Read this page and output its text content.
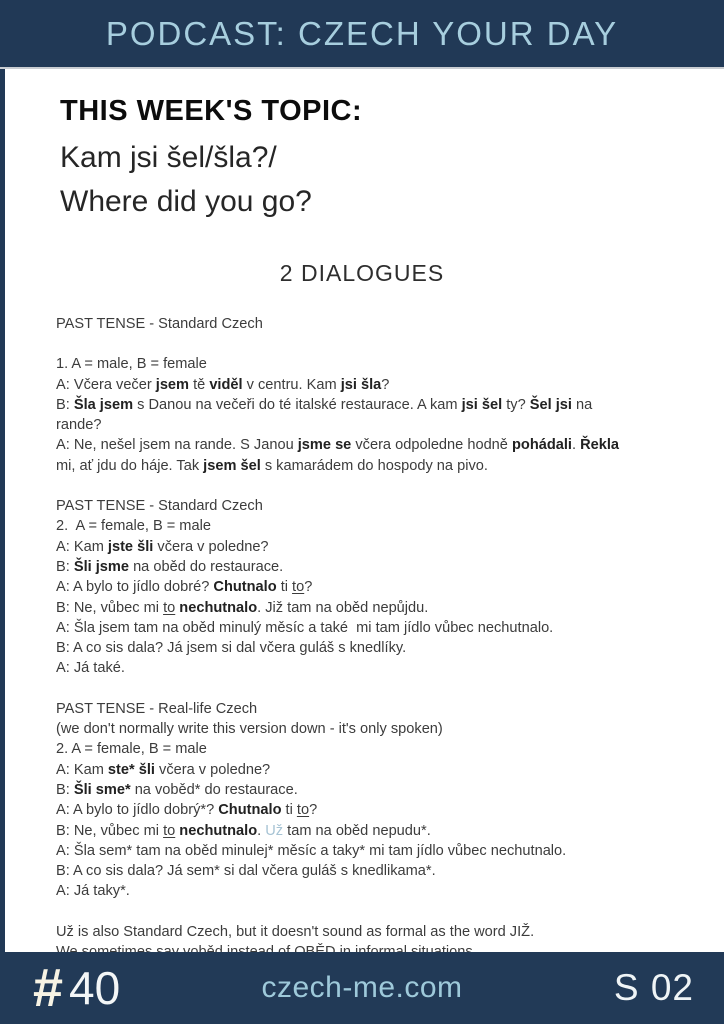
PODCAST: CZECH YOUR DAY
THIS WEEK'S TOPIC:
Kam jsi šel/šla?/
Where did you go?
2 DIALOGUES
PAST TENSE - Standard Czech
1. A = male, B = female
A: Včera večer jsem tě viděl v centru. Kam jsi šla?
B: Šla jsem s Danou na večeři do té italské restaurace. A kam jsi šel ty? Šel jsi na
rande?
A: Ne, nešel jsem na rande. S Janou jsme se včera odpoledne hodně pohádali. Řekla
mi, ať jdu do háje. Tak jsem šel s kamarádem do hospody na pivo.
PAST TENSE - Standard Czech
2.  A = female, B = male
A: Kam jste šli včera v poledne?
B: Šli jsme na oběd do restaurace.
A: A bylo to jídlo dobré? Chutnalo ti to?
B: Ne, vůbec mi to nechutnalo. Již tam na oběd nepůjdu.
A: Šla jsem tam na oběd minulý měsíc a také  mi tam jídlo vůbec nechutnalo.
B: A co sis dala? Já jsem si dal včera guláš s knedlíky.
A: Já také.
PAST TENSE - Real-life Czech
(we don't normally write this version down - it's only spoken)
2. A = female, B = male
A: Kam ste* šli včera v poledne?
B: Šli sme* na voběd* do restaurace.
A: A bylo to jídlo dobrý*? Chutnalo ti to?
B: Ne, vůbec mi to nechutnalo. Už tam na oběd nepudu*.
A: Šla sem* tam na oběd minulej* měsíc a taky* mi tam jídlo vůbec nechutnalo.
B: A co sis dala? Já sem* si dal včera guláš s knedlikama*.
A: Já taky*.
Už is also Standard Czech, but it doesn't sound as formal as the word JIŽ.
# 40	czech-me.com	S 02
